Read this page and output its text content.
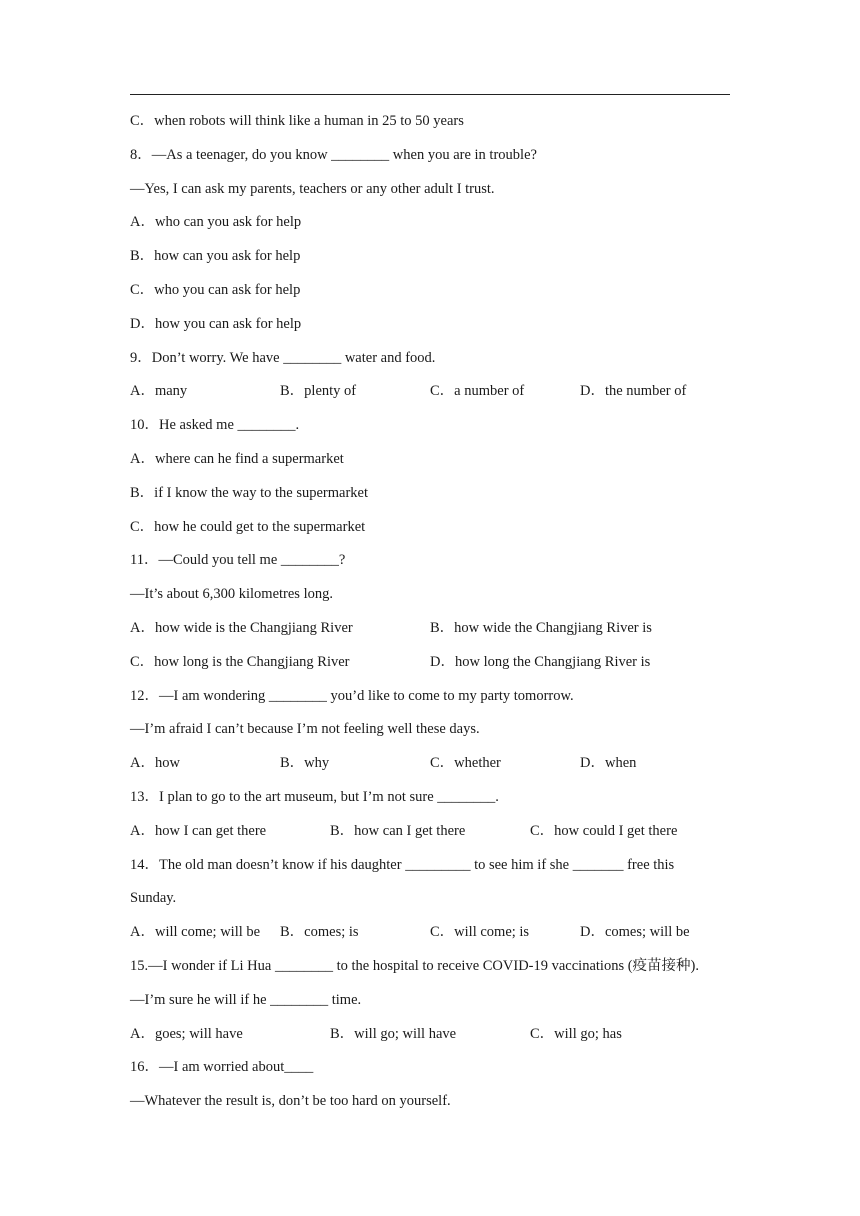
C．when robots will think like a human in 25 to 50 years
8．—As a teenager, do you know ________ when you are in trouble?
—Yes, I can ask my parents, teachers or any other adult I trust.
A．who can you ask for help
B．how can you ask for help
C．who you can ask for help
D．how you can ask for help
9．Don’t worry. We have ________ water and food.
A．many	B．plenty of	C．a number of	D．the number of
10．He asked me ________.
A．where can he find a supermarket
B．if I know the way to the supermarket
C．how he could get to the supermarket
11．—Could you tell me ________?
—It’s about 6,300 kilometres long.
A．how wide is the Changjiang River	B．how wide the Changjiang River is
C．how long is the Changjiang River	D．how long the Changjiang River is
12．—I am wondering ________ you’d like to come to my party tomorrow.
—I’m afraid I can’t because I’m not feeling well these days.
A．how	B．why	C．whether	D．when
13．I plan to go to the art museum, but I’m not sure ________.
A．how I can get there	B．how can I get there	C．how could I get there
14．The old man doesn’t know if his daughter _________ to see him if she _______ free this
Sunday.
A．will come; will be B．comes; is	C．will come; is	D．comes; will be
15.—I wonder if Li Hua ________ to the hospital to receive COVID-19 vaccinations (疫苗接种).
—I’m sure he will if he ________ time.
A．goes; will have	B．will go; will have	C．will go; has
16．—I am worried about____
—Whatever the result is, don’t be too hard on yourself.
